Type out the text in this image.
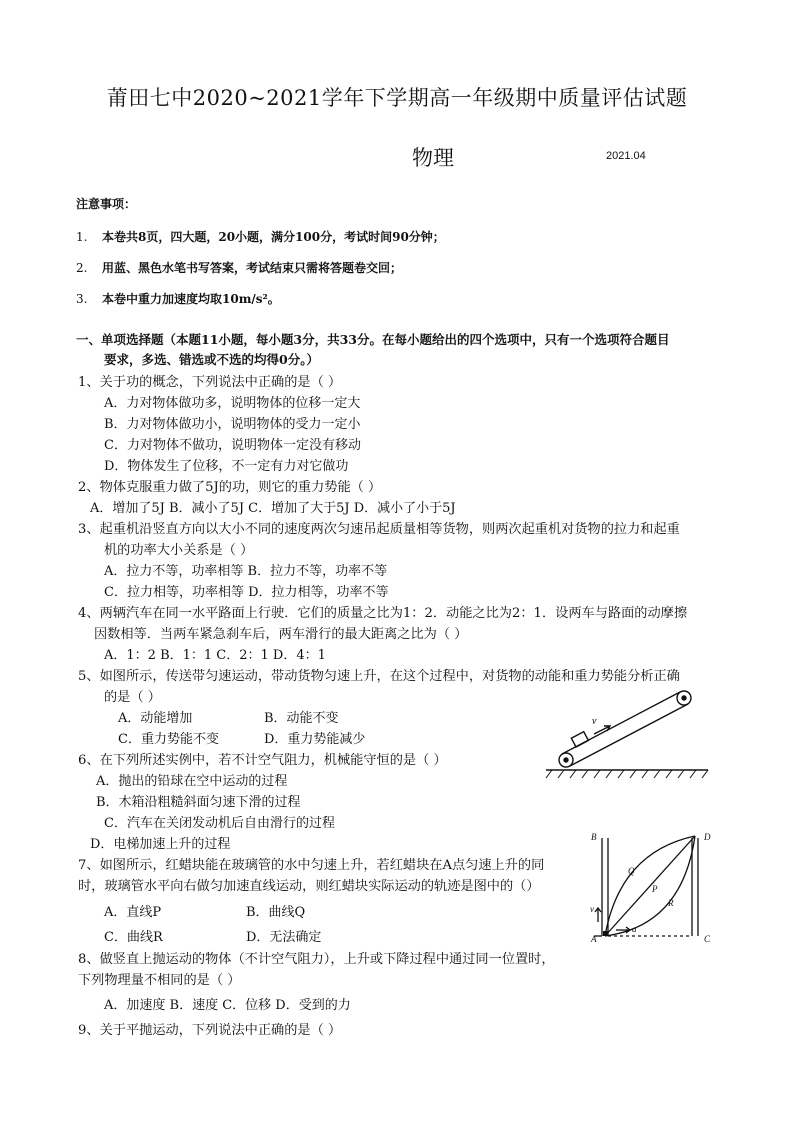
莆田七中2020~2021学年下学期高一年级期中质量评估试题
物理	2021.04
注意事项：
1. 本卷共8页，四大题，20小题，满分100分，考试时间90分钟；
2. 用蓝、黑色水笔书写答案，考试结束只需将答题卷交回；
3. 本卷中重力加速度均取10m/s²。
一、单项选择题（本题11小题，每小题3分，共33分。在每小题给出的四个选项中，只有一个选项符合题目
要求，多选、错选或不选的均得0分。）
1、关于功的概念，下列说法中正确的是（ ）
A．力对物体做功多，说明物体的位移一定大
B．力对物体做功小，说明物体的受力一定小
C．力对物体不做功，说明物体一定没有移动
D．物体发生了位移，不一定有力对它做功
2、物体克服重力做了5J的功，则它的重力势能（ ）
A．增加了5J B．减小了5J C．增加了大于5J D．减小了小于5J
3、起重机沿竖直方向以大小不同的速度两次匀速吊起质量相等货物，则两次起重机对货物的拉力和起重
机的功率大小关系是（ ）
A．拉力不等，功率相等 B．拉力不等，功率不等
C．拉力相等，功率相等 D．拉力相等，功率不等
4、两辆汽车在同一水平路面上行驶．它们的质量之比为1：2．动能之比为2：1．设两车与路面的动摩擦
因数相等．当两车紧急刹车后，两车滑行的最大距离之比为（ ）
A．1：2 B．1：1 C．2：1 D．4：1
5、如图所示，传送带匀速运动，带动货物匀速上升，在这个过程中，对货物的动能和重力势能分析正确
的是（ ）
A．动能增加	B．动能不变
C．重力势能不变	D．重力势能减少
v
6、在下列所述实例中，若不计空气阻力，机械能守恒的是（ ）
A．抛出的铅球在空中运动的过程
B．木箱沿粗糙斜面匀速下滑的过程
C．汽车在关闭发动机后自由滑行的过程
D．电梯加速上升的过程
7、如图所示，红蜡块能在玻璃管的水中匀速上升，若红蜡块在A点匀速上升的同
时，玻璃管水平向右做匀加速直线运动，则红蜡块实际运动的轨迹是图中的（）
A．直线P	B．曲线Q
C．曲线R	D．无法确定
B	D
A	C
Q
P
R
v
a
8、做竖直上抛运动的物体（不计空气阻力），上升或下降过程中通过同一位置时，
下列物理量不相同的是（ ）
A．加速度 B．速度 C．位移 D．受到的力
9、关于平抛运动，下列说法中正确的是（ ）
